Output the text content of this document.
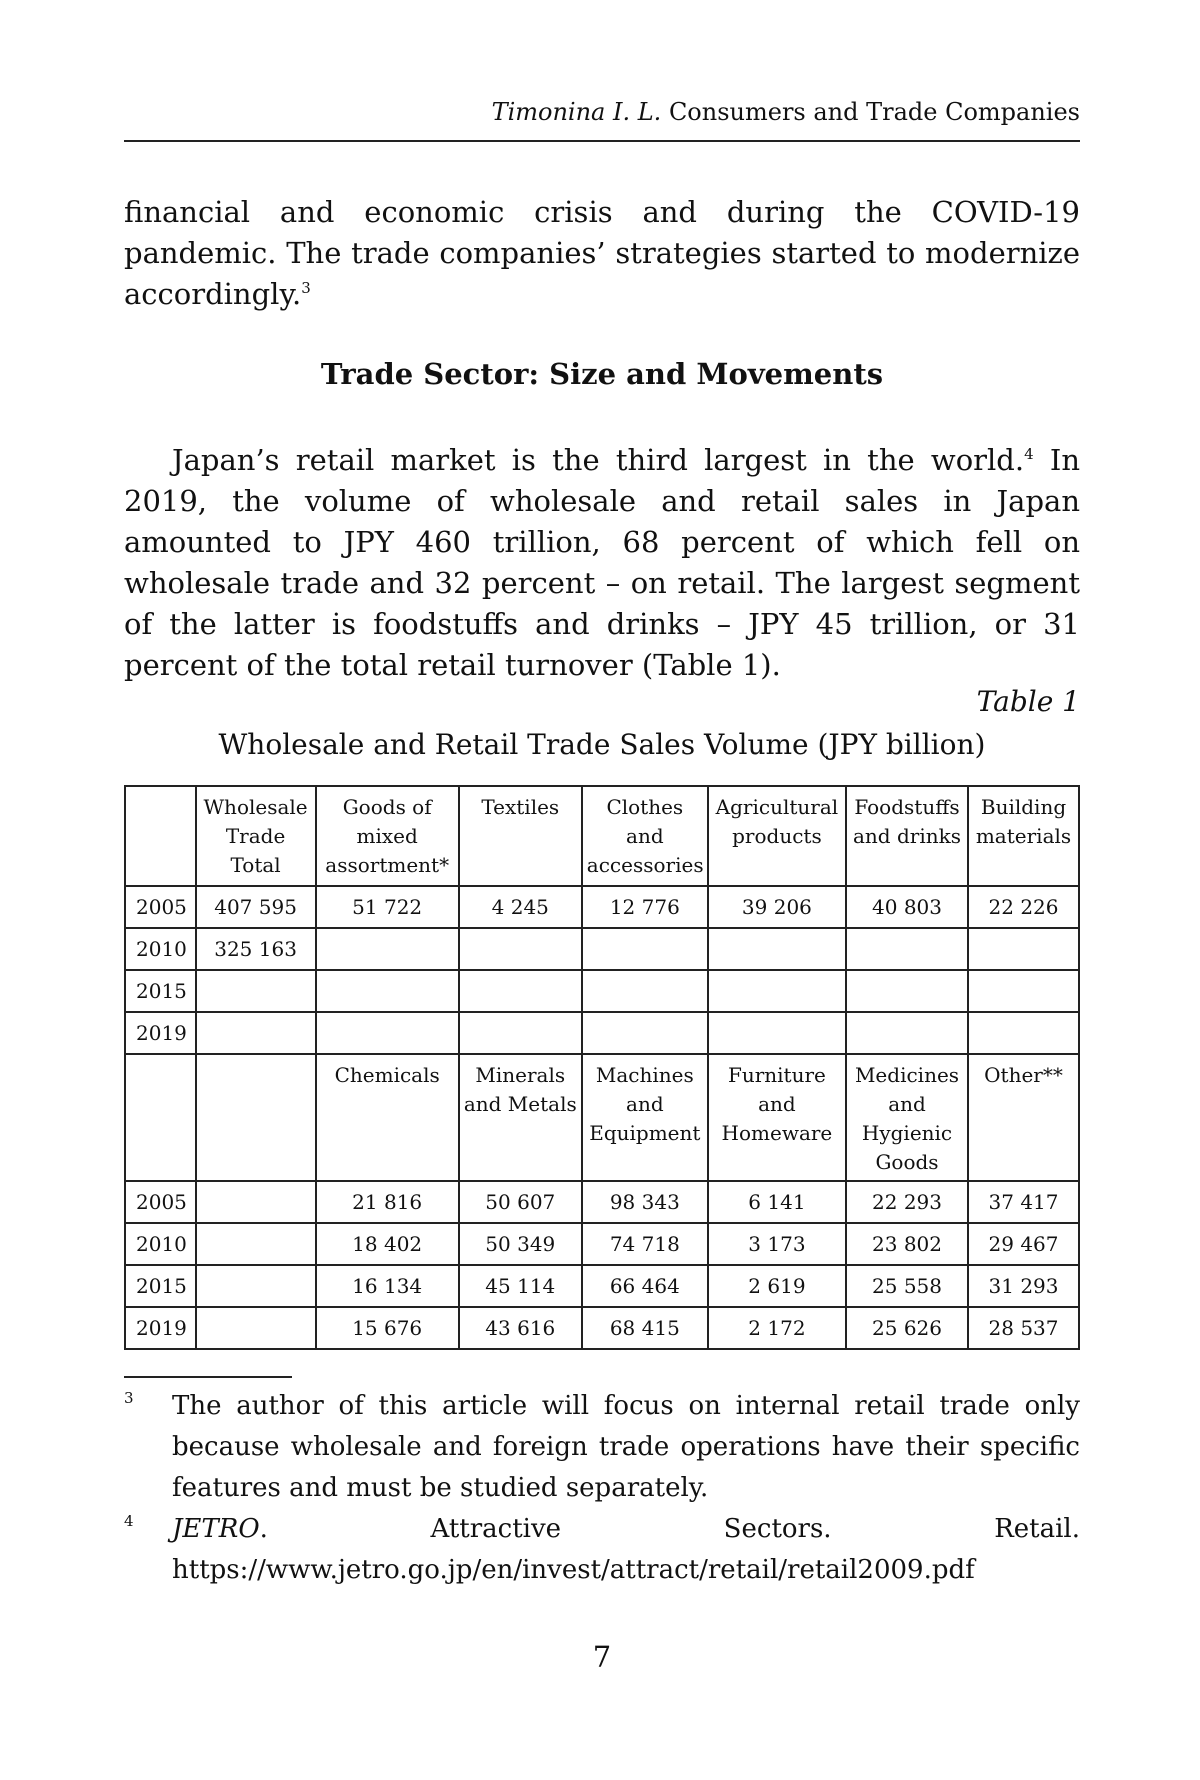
Timonina I. L. Consumers and Trade Companies

financial and economic crisis and during the COVID-19 pandemic. The trade companies’ strategies started to modernize accordingly.$^3$

Trade Sector: Size and Movements

Japan’s retail market is the third largest in the world.$^4$ In 2019, the volume of wholesale and retail sales in Japan amounted to JPY 460 trillion, 68 percent of which fell on wholesale trade and 32 percent – on retail. The largest segment of the latter is foodstuffs and drinks – JPY 45 trillion, or 31 percent of the total retail turnover (Table 1).

Table 1

Wholesale and Retail Trade Sales Volume (JPY billion)

	Wholesale Trade Total	Goods of mixed assortment*	Textiles	Clothes and accessories	Agricultural products	Foodstuffs and drinks	Building materials
2005	407 595	51 722	4 245	12 776	39 206	40 803	22 226
2010	325 163						
2015							
2019							
		Chemicals	Minerals and Metals	Machines and Equipment	Furniture and Homeware	Medicines and Hygienic Goods	Other**
2005		21 816	50 607	98 343	6 141	22 293	37 417
2010		18 402	50 349	74 718	3 173	23 802	29 467
2015		16 134	45 114	66 464	2 619	25 558	31 293
2019		15 676	43 616	68 415	2 172	25 626	28 537
3 The author of this article will focus on internal retail trade only because wholesale and foreign trade operations have their specific features and must be studied separately.
4 JETRO. Attractive Sectors. Retail. https://www.jetro.go.jp/en/invest/attract/retail/retail2009.pdf
7
